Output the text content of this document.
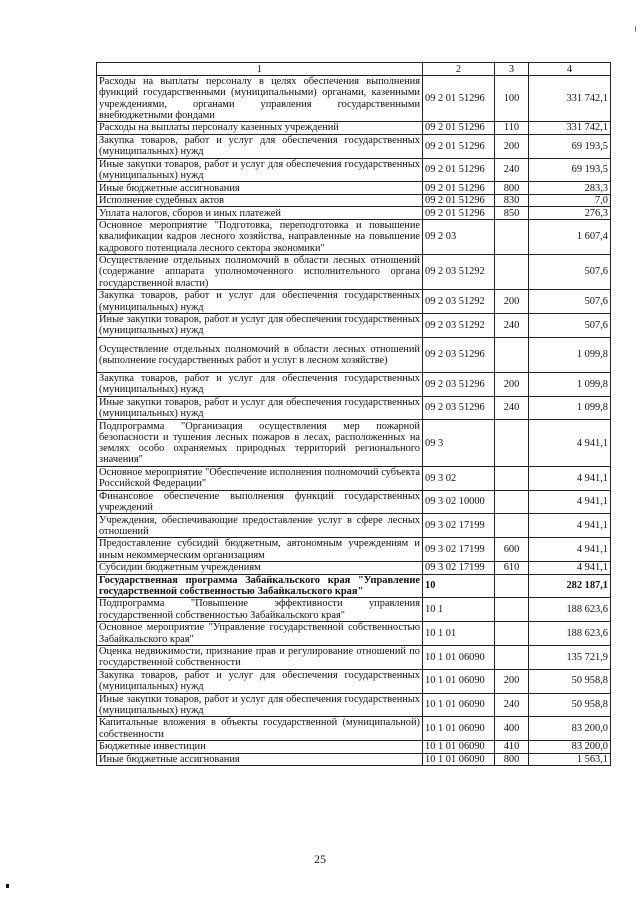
1	2	3	4
Расходы на выплаты персоналу в целях обеспечения выполнения функций государственными (муниципальными) органами, казенными учреждениями, органами управления государственными внебюджетными фондами	09 2 01 51296	100	331 742,1
Расходы на выплаты персоналу казенных учреждений	09 2 01 51296	110	331 742,1
Закупка товаров, работ и услуг для обеспечения государственных (муниципальных) нужд	09 2 01 51296	200	69 193,5
Иные закупки товаров, работ и услуг для обеспечения государственных (муниципальных) нужд	09 2 01 51296	240	69 193,5
Иные бюджетные ассигнования	09 2 01 51296	800	283,3
Исполнение судебных актов	09 2 01 51296	830	7,0
Уплата налогов, сборов и иных платежей	09 2 01 51296	850	276,3
Основное мероприятие "Подготовка, переподготовка и повышение квалификации кадров лесного хозяйства, направленные на повышение кадрового потенциала лесного сектора экономики"	09 2 03		1 607,4
Осуществление отдельных полномочий в области лесных отношений (содержание аппарата уполномоченного исполнительного органа государственной власти)	09 2 03 51292		507,6
Закупка товаров, работ и услуг для обеспечения государственных (муниципальных) нужд	09 2 03 51292	200	507,6
Иные закупки товаров, работ и услуг для обеспечения государственных (муниципальных) нужд	09 2 03 51292	240	507,6
Осуществление отдельных полномочий в области лесных отношений (выполнение государственных работ и услуг в лесном хозяйстве)	09 2 03 51296		1 099,8
Закупка товаров, работ и услуг для обеспечения государственных (муниципальных) нужд	09 2 03 51296	200	1 099,8
Иные закупки товаров, работ и услуг для обеспечения государственных (муниципальных) нужд	09 2 03 51296	240	1 099,8
Подпрограмма "Организация осуществления мер пожарной безопасности и тушения лесных пожаров в лесах, расположенных на землях особо охраняемых природных территорий регионального значения"	09 3		4 941,1
Основное мероприятие "Обеспечение исполнения полномочий субъекта Российской Федерации"	09 3 02		4 941,1
Финансовое обеспечение выполнения функций государственных учреждений	09 3 02 10000		4 941,1
Учреждения, обеспечивающие предоставление услуг в сфере лесных отношений	09 3 02 17199		4 941,1
Предоставление субсидий бюджетным, автономным учреждениям и иным некоммерческим организациям	09 3 02 17199	600	4 941,1
Субсидии бюджетным учреждениям	09 3 02 17199	610	4 941,1
Государственная программа Забайкальского края "Управление государственной собственностью Забайкальского края"	10		282 187,1
Подпрограмма "Повышение эффективности управления государственной собственностью Забайкальского края"	10 1		188 623,6
Основное мероприятие "Управление государственной собственностью Забайкальского края"	10 1 01		188 623,6
Оценка недвижимости, признание прав и регулирование отношений по государственной собственности	10 1 01 06090		135 721,9
Закупка товаров, работ и услуг для обеспечения государственных (муниципальных) нужд	10 1 01 06090	200	50 958,8
Иные закупки товаров, работ и услуг для обеспечения государственных (муниципальных) нужд	10 1 01 06090	240	50 958,8
Капитальные вложения в объекты государственной (муниципальной) собственности	10 1 01 06090	400	83 200,0
Бюджетные инвестиции	10 1 01 06090	410	83 200,0
Иные бюджетные ассигнования	10 1 01 06090	800	1 563,1
25
